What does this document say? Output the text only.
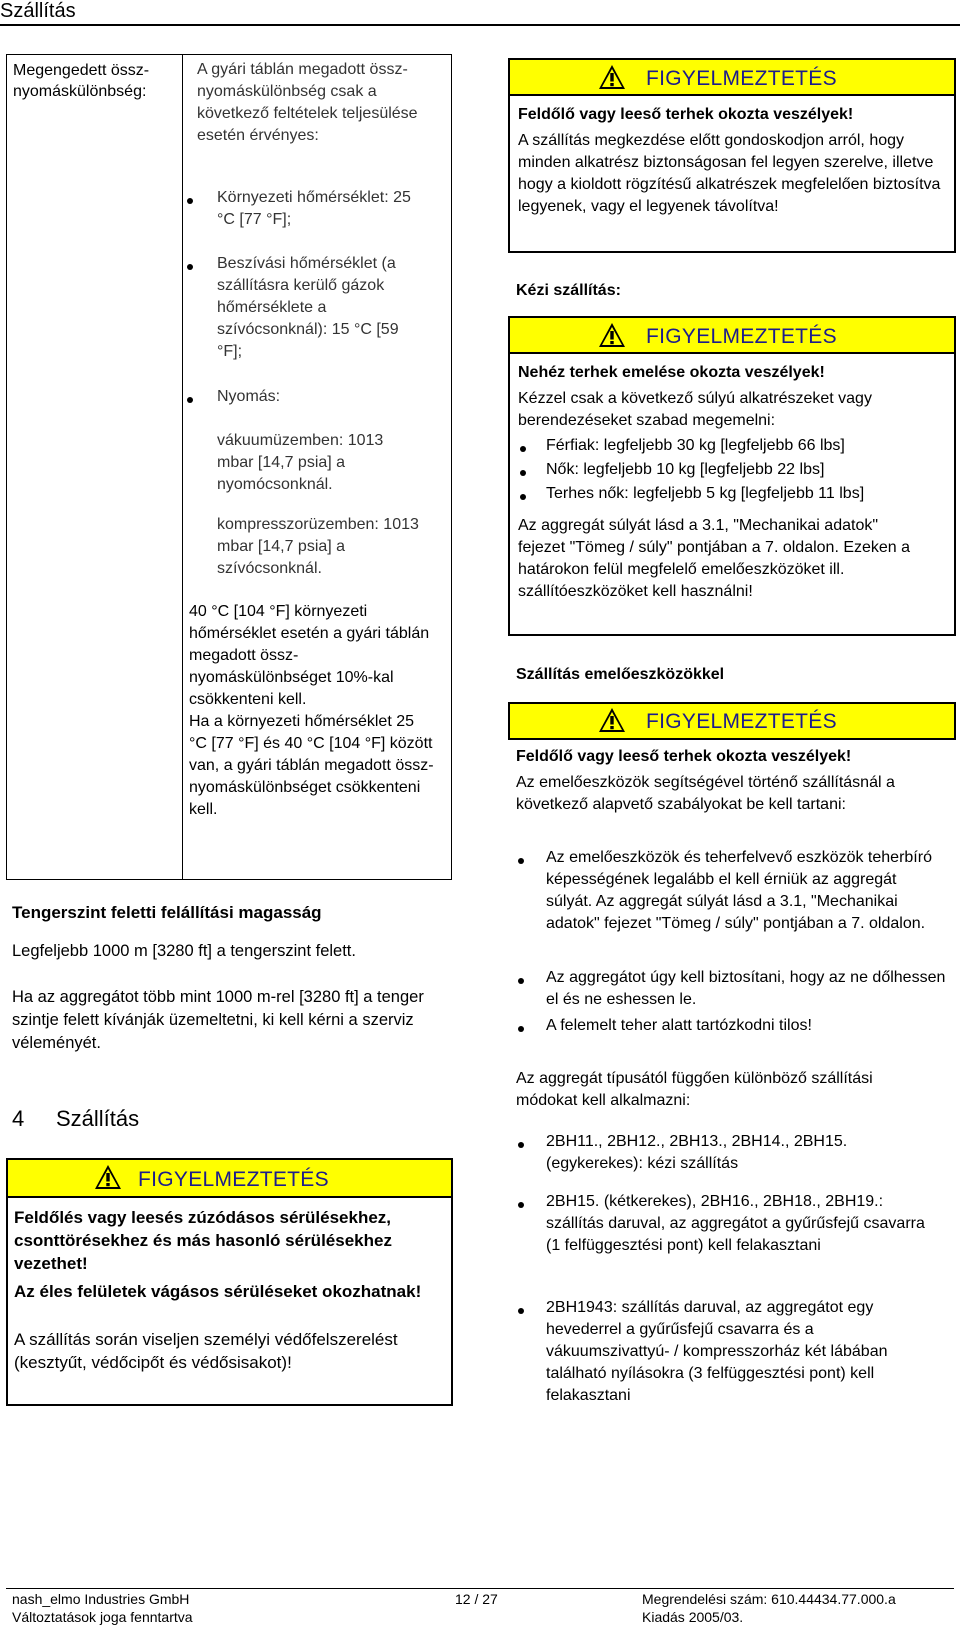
Szállítás
Megengedett össz-nyomáskülönbség:
A gyári táblán megadott össz-nyomáskülönbség csak a következő feltételek teljesülése esetén érvényes:
Környezeti hőmérséklet: 25 °C [77 °F];
Beszívási hőmérséklet (a szállításra kerülő gázok hőmérséklete a szívócsonknál): 15 °C [59 °F];
Nyomás:
vákuumüzemben: 1013 mbar [14,7 psia] a nyomócsonknál.
kompresszorüzemben: 1013 mbar [14,7 psia] a szívócsonknál.
40 °C [104 °F] környezeti hőmérséklet esetén a gyári táblán megadott össz-nyomáskülönbséget 10%-kal csökkenteni kell.
Ha a környezeti hőmérséklet 25 °C [77 °F] és 40 °C [104 °F] között van, a gyári táblán megadott össz-nyomáskülönbséget csökkenteni kell.
Tengerszint feletti felállítási magasság
Legfeljebb 1000 m [3280 ft] a tengerszint felett.
Ha az aggregátot több mint 1000 m-rel [3280 ft] a tenger szintje felett kívánják üzemeltetni, ki kell kérni a szerviz véleményét.
4 Szállítás
FIGYELMEZTETÉS
Feldőlés vagy leesés zúzódásos sérülésekhez, csonttörésekhez és más hasonló sérülésekhez vezethet!
Az éles felületek vágásos sérüléseket okozhatnak!
A szállítás során viseljen személyi védőfelszerelést (kesztyűt, védőcipőt és védősisakot)!
FIGYELMEZTETÉS
Feldőlő vagy leeső terhek okozta veszélyek!
A szállítás megkezdése előtt gondoskodjon arról, hogy minden alkatrész biztonságosan fel legyen szerelve, illetve hogy a kioldott rögzítésű alkatrészek megfelelően biztosítva legyenek, vagy el legyenek távolítva!
Kézi szállítás:
FIGYELMEZTETÉS
Nehéz terhek emelése okozta veszélyek!
Kézzel csak a következő súlyú alkatrészeket vagy berendezéseket szabad megemelni:
Férfiak: legfeljebb 30 kg [legfeljebb 66 lbs]
Nők: legfeljebb 10 kg [legfeljebb 22 lbs]
Terhes nők: legfeljebb 5 kg [legfeljebb 11 lbs]
Az aggregát súlyát lásd a 3.1, "Mechanikai adatok" fejezet "Tömeg / súly" pontjában a 7. oldalon. Ezeken a határokon felül megfelelő emelőeszközöket ill. szállítóeszközöket kell használni!
Szállítás emelőeszközökkel
FIGYELMEZTETÉS
Feldőlő vagy leeső terhek okozta veszélyek!
Az emelőeszközök segítségével történő szállításnál a következő alapvető szabályokat be kell tartani:
Az emelőeszközök és teherfelvevő eszközök teherbíró képességének legalább el kell érniük az aggregát súlyát. Az aggregát súlyát lásd a 3.1, "Mechanikai adatok" fejezet "Tömeg / súly" pontjában a 7. oldalon.
Az aggregátot úgy kell biztosítani, hogy az ne dőlhessen el és ne eshessen le.
A felemelt teher alatt tartózkodni tilos!
Az aggregát típusától függően különböző szállítási módokat kell alkalmazni:
2BH11., 2BH12., 2BH13., 2BH14., 2BH15. (egykerekes): kézi szállítás
2BH15. (kétkerekes), 2BH16., 2BH18., 2BH19.: szállítás daruval, az aggregátot a gyűrűsfejű csavarra (1 felfüggesztési pont) kell felakasztani
2BH1943: szállítás daruval, az aggregátot egy hevederrel a gyűrűsfejű csavarra és a vákuumszivattyú- / kompresszorház két lábában található nyílásokra (3 felfüggesztési pont) kell felakasztani
nash_elmo Industries GmbH
Változtatások joga fenntartva
12 / 27	Megrendelési szám: 610.44434.77.000.a
Kiadás 2005/03.
